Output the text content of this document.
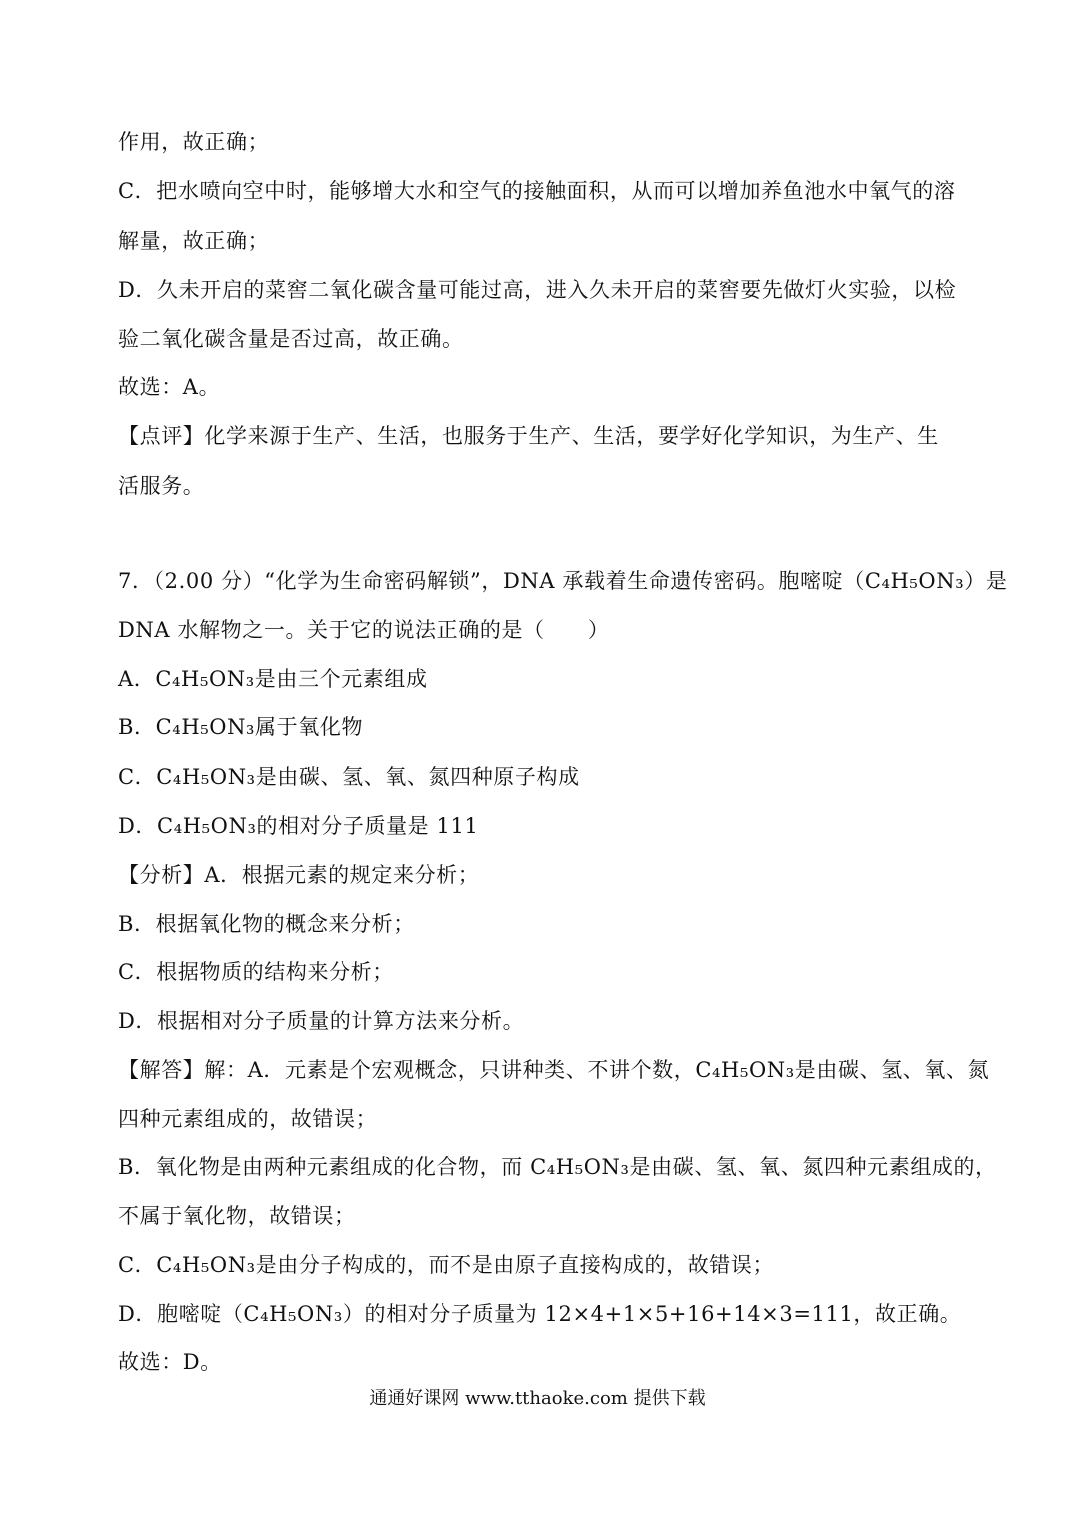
作用，故正确；
C．把水喷向空中时，能够增大水和空气的接触面积，从而可以增加养鱼池水中氧气的溶
解量，故正确；
D．久未开启的菜窖二氧化碳含量可能过高，进入久未开启的菜窖要先做灯火实验，以检
验二氧化碳含量是否过高，故正确。
故选：A。
【点评】化学来源于生产、生活，也服务于生产、生活，要学好化学知识，为生产、生
活服务。
7．（2.00 分）“化学为生命密码解锁”，DNA 承载着生命遗传密码。胞嘧啶（C₄H₅ON₃）是
DNA 水解物之一。关于它的说法正确的是（　　）
A．C₄H₅ON₃是由三个元素组成
B．C₄H₅ON₃属于氧化物
C．C₄H₅ON₃是由碳、氢、氧、氮四种原子构成
D．C₄H₅ON₃的相对分子质量是 111
【分析】A．根据元素的规定来分析；
B．根据氧化物的概念来分析；
C．根据物质的结构来分析；
D．根据相对分子质量的计算方法来分析。
【解答】解：A．元素是个宏观概念，只讲种类、不讲个数，C₄H₅ON₃是由碳、氢、氧、氮
四种元素组成的，故错误；
B．氧化物是由两种元素组成的化合物，而 C₄H₅ON₃是由碳、氢、氧、氮四种元素组成的，
不属于氧化物，故错误；
C．C₄H₅ON₃是由分子构成的，而不是由原子直接构成的，故错误；
D．胞嘧啶（C₄H₅ON₃）的相对分子质量为 12×4+1×5+16+14×3=111，故正确。
故选：D。
通通好课网 www.tthaoke.com 提供下载
